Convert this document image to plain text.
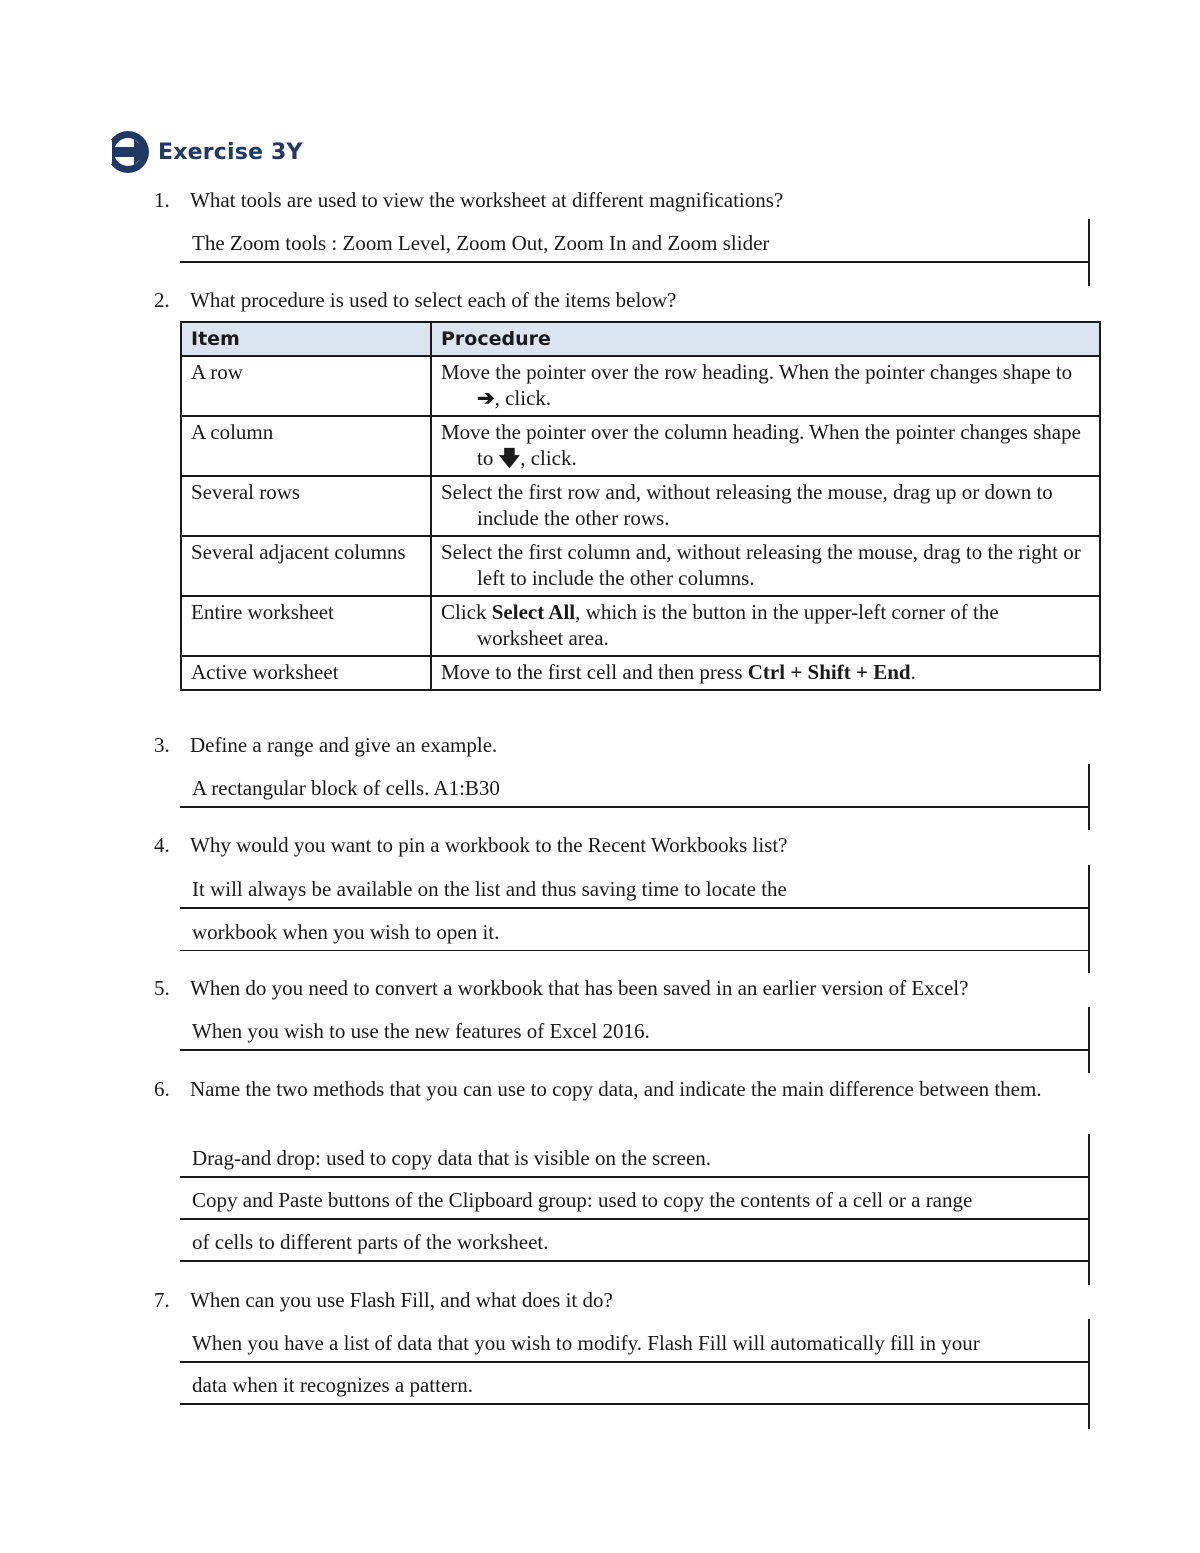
Exercise 3Y
1. What tools are used to view the worksheet at different magnifications?
The Zoom tools : Zoom Level, Zoom Out, Zoom In and Zoom slider
2. What procedure is used to select each of the items below?
Item	Procedure
A row	Move the pointer over the row heading. When the pointer changes shape to ➔, click.

A column	Move the pointer over the column heading. When the pointer changes shape to 🡇, click.

Several rows	Select the first row and, without releasing the mouse, drag up or down to include the other rows.

Several adjacent columns	Select the first column and, without releasing the mouse, drag to the right or left to include the other columns.

Entire worksheet	Click Select All, which is the button in the upper-left corner of the worksheet area.

Active worksheet	Move to the first cell and then press Ctrl + Shift + End.
3. Define a range and give an example.
A rectangular block of cells. A1:B30
4. Why would you want to pin a workbook to the Recent Workbooks list?
It will always be available on the list and thus saving time to locate the
workbook when you wish to open it.
5. When do you need to convert a workbook that has been saved in an earlier version of Excel?
When you wish to use the new features of Excel 2016.
6. Name the two methods that you can use to copy data, and indicate the main difference between them.
Drag-and drop: used to copy data that is visible on the screen.
Copy and Paste buttons of the Clipboard group: used to copy the contents of a cell or a range
of cells to different parts of the worksheet.
7. When can you use Flash Fill, and what does it do?
When you have a list of data that you wish to modify. Flash Fill will automatically fill in your
data when it recognizes a pattern.
